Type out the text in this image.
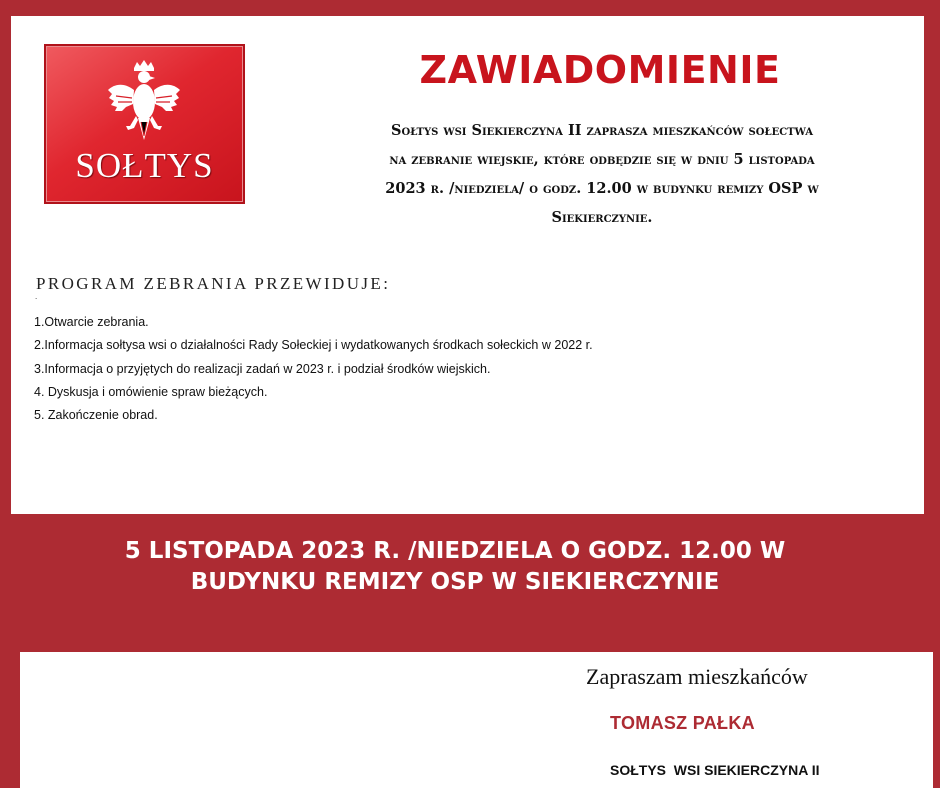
SOŁTYS
ZAWIADOMIENIE
Sołtys wsi Siekierczyna II zaprasza mieszkańców sołectwa
na zebranie wiejskie, które odbędzie się w dniu 5 listopada
2023 r. /niedziela/ o godz. 12.00 w budynku remizy OSP w
Siekierczynie.
PROGRAM ZEBRANIA PRZEWIDUJE:
.
1.Otwarcie zebrania.
2.Informacja sołtysa wsi o działalności Rady Sołeckiej i wydatkowanych środkach sołeckich w 2022 r.
3.Informacja o przyjętych do realizacji zadań w 2023 r. i podział środków wiejskich.
4. Dyskusja i omówienie spraw bieżących.
5. Zakończenie obrad.
5 LISTOPADA 2023 R. /NIEDZIELA O GODZ. 12.00 W
BUDYNKU REMIZY OSP W SIEKIERCZYNIE
Zapraszam mieszkańców
TOMASZ PAŁKA
SOŁTYS  WSI SIEKIERCZYNA II
